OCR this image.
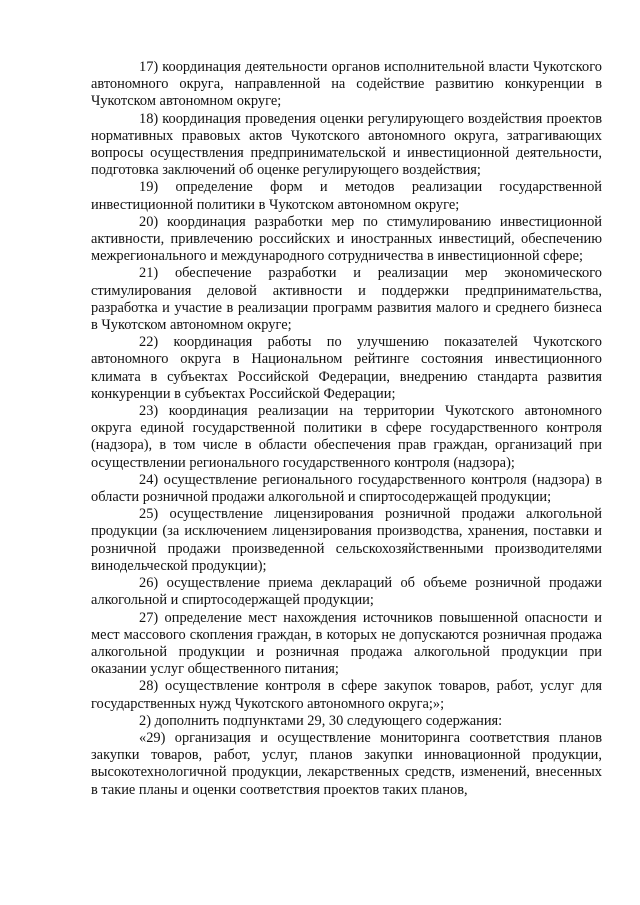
17) координация деятельности органов исполнительной власти Чукотского автономного округа, направленной на содействие развитию конкуренции в Чукотском автономном округе;

18) координация проведения оценки регулирующего воздействия проектов нормативных правовых актов Чукотского автономного округа, затрагивающих вопросы осуществления предпринимательской и инвестиционной деятельности, подготовка заключений об оценке регулирующего воздействия;

19) определение форм и методов реализации государственной инвестиционной политики в Чукотском автономном округе;

20) координация разработки мер по стимулированию инвестиционной активности, привлечению российских и иностранных инвестиций, обеспечению межрегионального и международного сотрудничества в инвестиционной сфере;

21) обеспечение разработки и реализации мер экономического стимулирования деловой активности и поддержки предпринимательства, разработка и участие в реализации программ развития малого и среднего бизнеса в Чукотском автономном округе;

22) координация работы по улучшению показателей Чукотского автономного округа в Национальном рейтинге состояния инвестиционного климата в субъектах Российской Федерации, внедрению стандарта развития конкуренции в субъектах Российской Федерации;

23) координация реализации на территории Чукотского автономного округа единой государственной политики в сфере государственного контроля (надзора), в том числе в области обеспечения прав граждан, организаций при осуществлении регионального государственного контроля (надзора);

24) осуществление регионального государственного контроля (надзора) в области розничной продажи алкогольной и спиртосодержащей продукции;

25) осуществление лицензирования розничной продажи алкогольной продукции (за исключением лицензирования производства, хранения, поставки и розничной продажи произведенной сельскохозяйственными производителями винодельческой продукции);

26) осуществление приема деклараций об объеме розничной продажи алкогольной и спиртосодержащей продукции;

27) определение мест нахождения источников повышенной опасности и мест массового скопления граждан, в которых не допускаются розничная продажа алкогольной продукции и розничная продажа алкогольной продукции при оказании услуг общественного питания;

28) осуществление контроля в сфере закупок товаров, работ, услуг для государственных нужд Чукотского автономного округа;»;

2) дополнить подпунктами 29, 30 следующего содержания:

«29) организация и осуществление мониторинга соответствия планов закупки товаров, работ, услуг, планов закупки инновационной продукции, высокотехнологичной продукции, лекарственных средств, изменений, внесенных в такие планы и оценки соответствия проектов таких планов,
